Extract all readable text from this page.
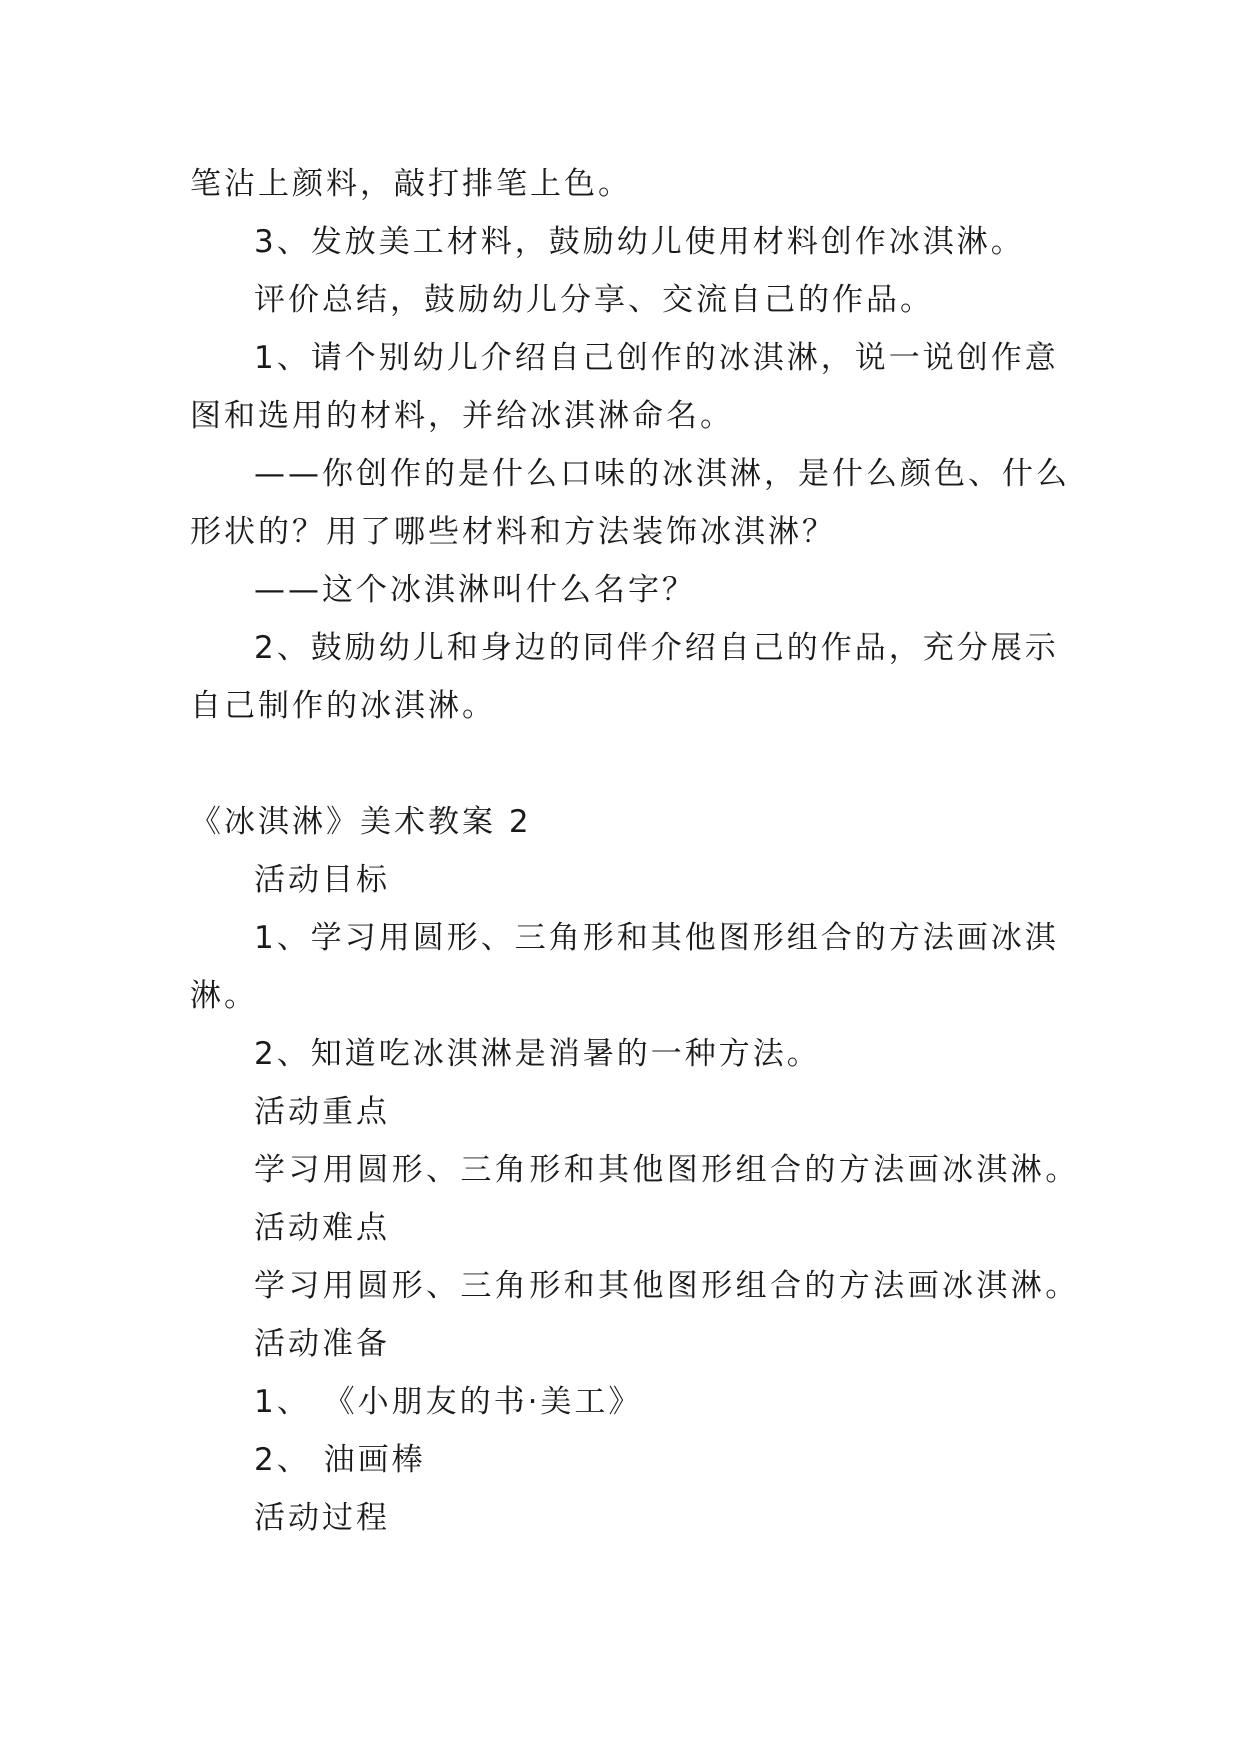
笔沾上颜料，敲打排笔上色。
3、发放美工材料，鼓励幼儿使用材料创作冰淇淋。
评价总结，鼓励幼儿分享、交流自己的作品。
1、请个别幼儿介绍自己创作的冰淇淋，说一说创作意
图和选用的材料，并给冰淇淋命名。
——你创作的是什么口味的冰淇淋，是什么颜色、什么
形状的？用了哪些材料和方法装饰冰淇淋？
——这个冰淇淋叫什么名字？
2、鼓励幼儿和身边的同伴介绍自己的作品，充分展示
自己制作的冰淇淋。
《冰淇淋》美术教案 2
活动目标
1、学习用圆形、三角形和其他图形组合的方法画冰淇
淋。
2、知道吃冰淇淋是消暑的一种方法。
活动重点
学习用圆形、三角形和其他图形组合的方法画冰淇淋。
活动难点
学习用圆形、三角形和其他图形组合的方法画冰淇淋。
活动准备
1、 《小朋友的书·美工》
2、 油画棒
活动过程
